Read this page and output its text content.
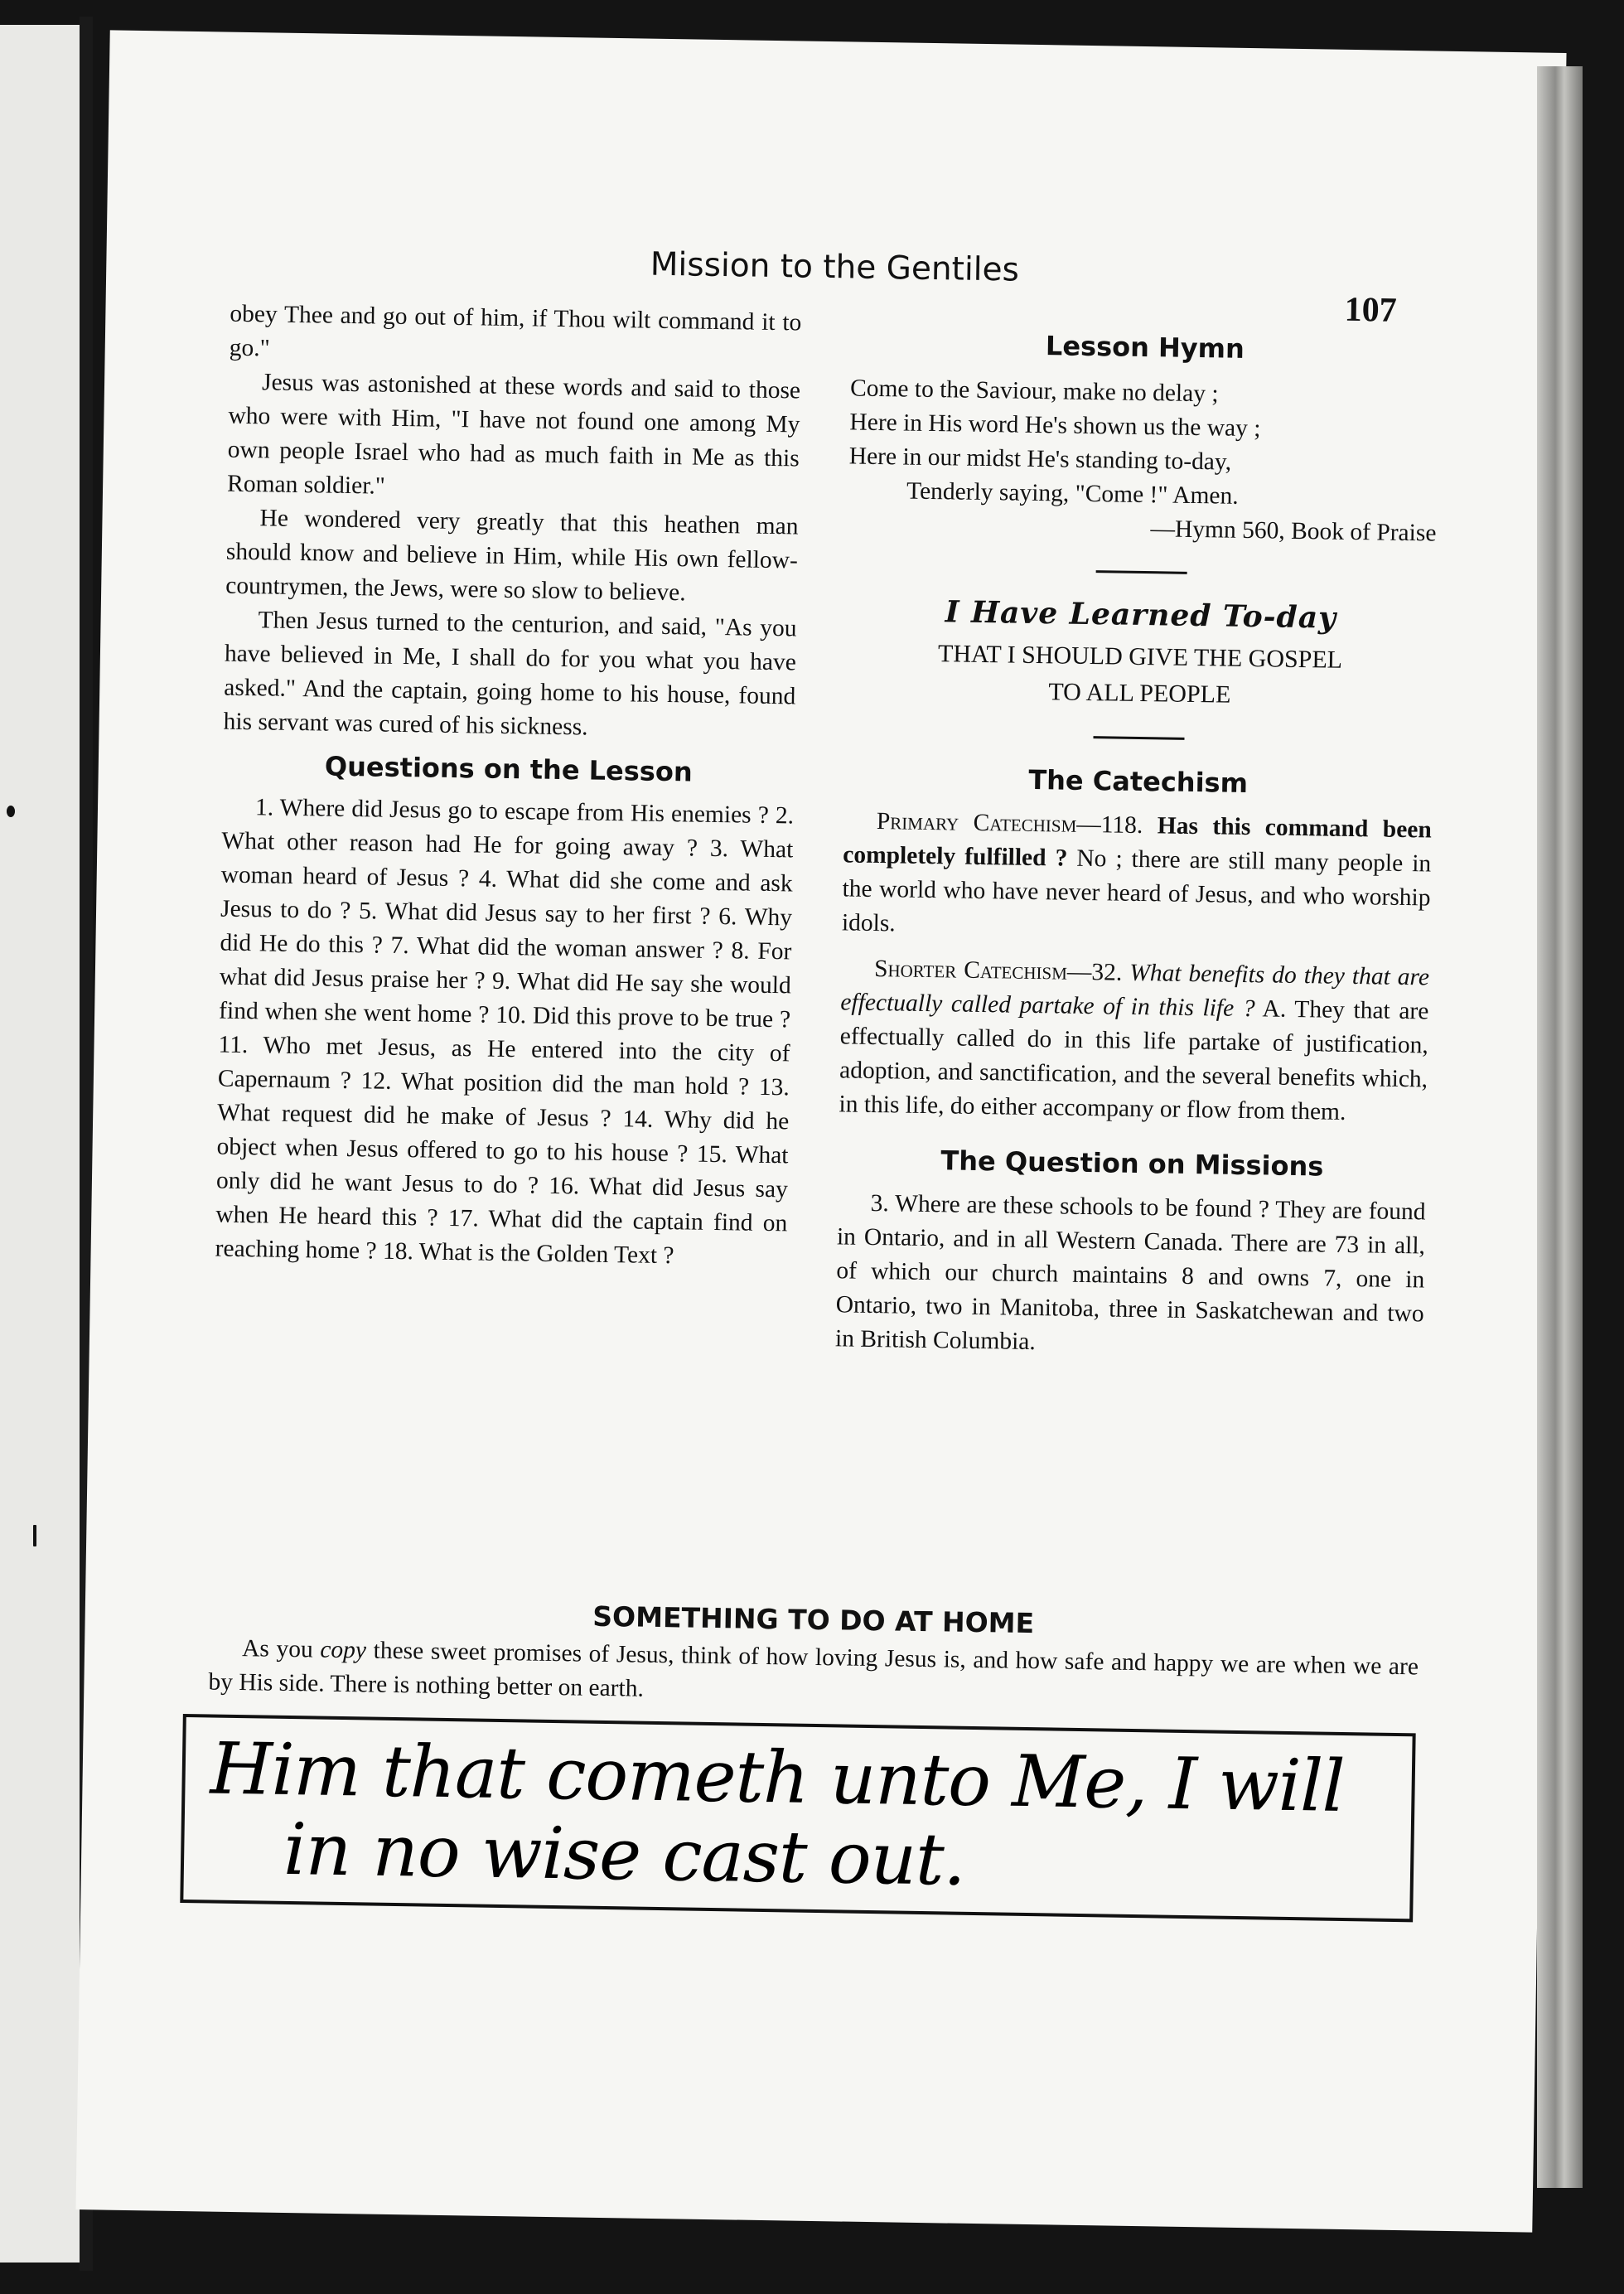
Mission to the Gentiles
107

obey Thee and go out of him, if Thou wilt command it to go."

Jesus was astonished at these words and said to those who were with Him, "I have not found one among My own people Israel who had as much faith in Me as this Roman soldier."

He wondered very greatly that this heathen man should know and believe in Him, while His own fellow-countrymen, the Jews, were so slow to believe.

Then Jesus turned to the centurion, and said, "As you have believed in Me, I shall do for you what you have asked." And the captain, going home to his house, found his servant was cured of his sickness.

Questions on the Lesson

1. Where did Jesus go to escape from His enemies ? 2. What other reason had He for going away ? 3. What woman heard of Jesus ? 4. What did she come and ask Jesus to do ? 5. What did Jesus say to her first ? 6. Why did He do this ? 7. What did the woman answer ? 8. For what did Jesus praise her ? 9. What did He say she would find when she went home ? 10. Did this prove to be true ? 11. Who met Jesus, as He entered into the city of Capernaum ? 12. What position did the man hold ? 13. What request did he make of Jesus ? 14. Why did he object when Jesus offered to go to his house ? 15. What only did he want Jesus to do ? 16. What did Jesus say when He heard this ? 17. What did the captain find on reaching home ? 18. What is the Golden Text ?

Lesson Hymn
Come to the Saviour, make no delay ;
Here in His word He's shown us the way ;
Here in our midst He's standing to-day,
Tenderly saying, "Come !" Amen.
—Hymn 560, Book of Praise
I Have Learned To-day
THAT I SHOULD GIVE THE GOSPEL
TO ALL PEOPLE
The Catechism

Primary Catechism—118. Has this command been completely fulfilled ? No ; there are still many people in the world who have never heard of Jesus, and who worship idols.

Shorter Catechism—32. What benefits do they that are effectually called partake of in this life ? A. They that are effectually called do in this life partake of justification, adoption, and sanctification, and the several benefits which, in this life, do either accompany or flow from them.

The Question on Missions

3. Where are these schools to be found ? They are found in Ontario, and in all Western Canada. There are 73 in all, of which our church maintains 8 and owns 7, one in Ontario, two in Manitoba, three in Saskatchewan and two in British Columbia.

SOMETHING TO DO AT HOME
As you copy these sweet promises of Jesus, think of how loving Jesus is, and how safe and happy we are when we are by His side. There is nothing better on earth.
Him that cometh unto Me, I will
in no wise cast out.
